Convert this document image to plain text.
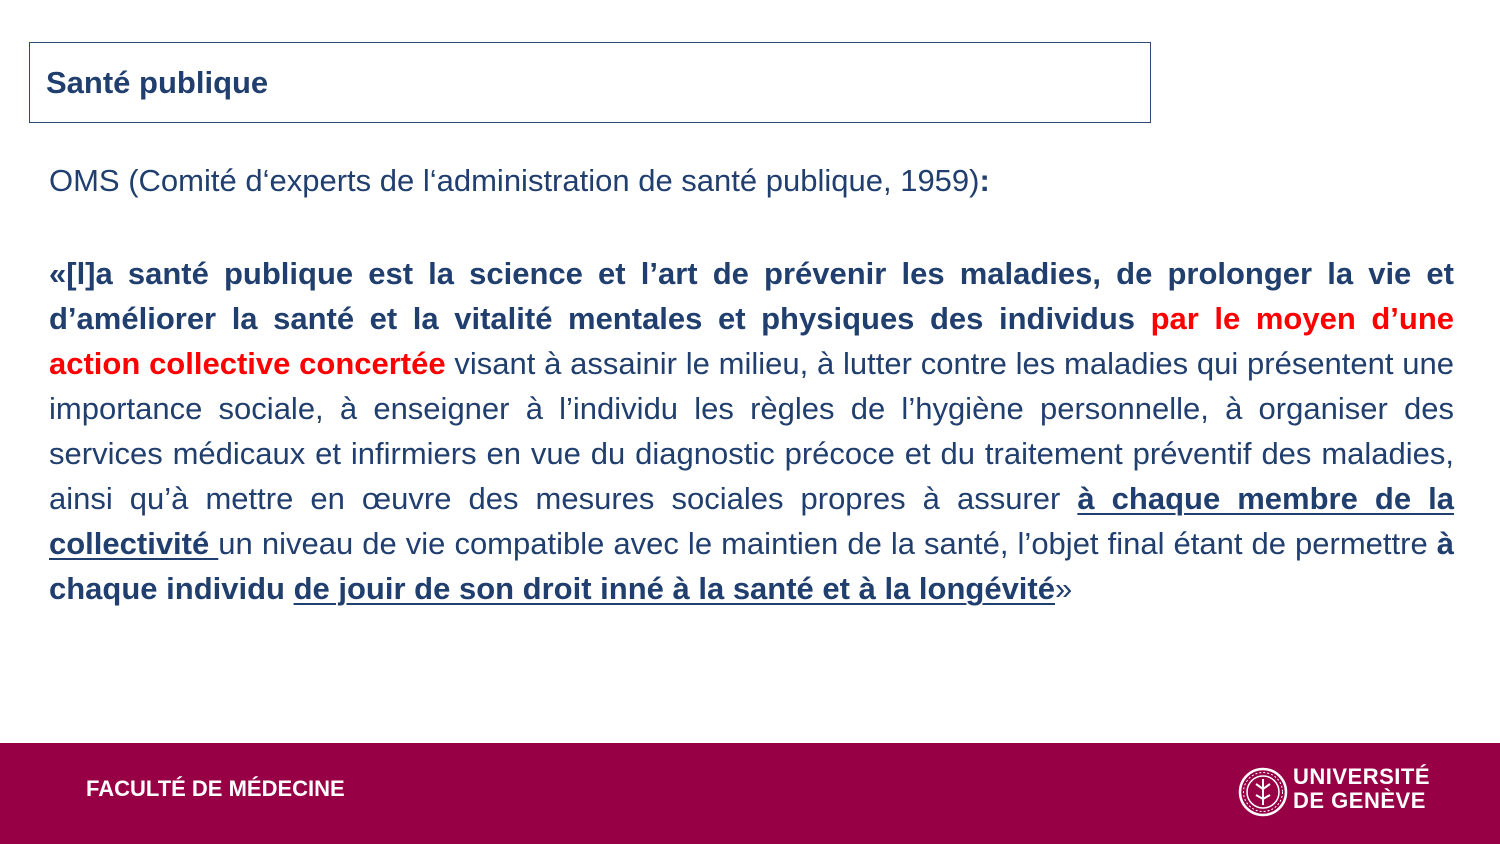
Santé publique
OMS (Comité d‘experts de l‘administration de santé publique, 1959):
«[l]a santé publique est la science et l’art de prévenir les maladies, de prolonger la vie et d’améliorer la santé et la vitalité mentales et physiques des individus par le moyen d’une action collective concertée visant à assainir le milieu, à lutter contre les maladies qui présentent une importance sociale, à enseigner à l’individu les règles de l’hygiène personnelle, à organiser des services médicaux et infirmiers en vue du diagnostic précoce et du traitement préventif des maladies, ainsi qu’à mettre en œuvre des mesures sociales propres à assurer à chaque membre de la collectivité un niveau de vie compatible avec le maintien de la santé, l’objet final étant de permettre à chaque individu de jouir de son droit inné à la santé et à la longévité»
FACULTÉ DE MÉDECINE	UNIVERSITÉ
DE GENÈVE
